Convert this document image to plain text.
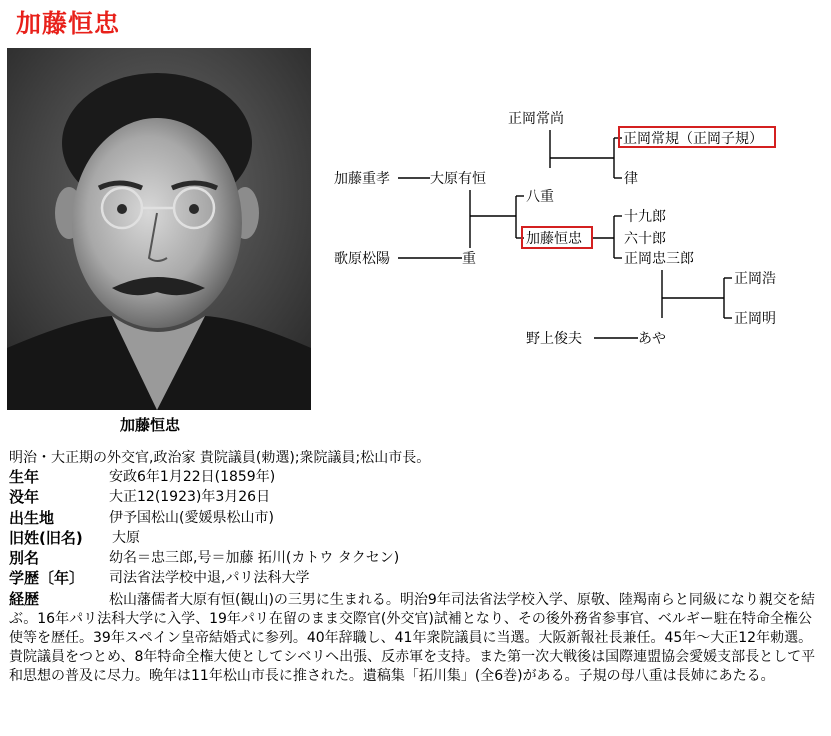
加藤恒忠
加藤恒忠
正岡常尚
正岡常規（正岡子規）
律
加藤重孝	大原有恒
八重
加藤恒忠
十九郎
六十郎
正岡忠三郎
歌原松陽	重
正岡浩
正岡明
野上俊夫	あや
明治・大正期の外交官,政治家 貴院議員(勅選);衆院議員;松山市長。
生年	安政6年1月22日(1859年)
没年	大正12(1923)年3月26日
出生地	伊予国松山(愛媛県松山市)
旧姓(旧名) 大原
別名	幼名＝忠三郎,号＝加藤 拓川(カトウ タクセン)
学歴〔年〕 司法省法学校中退,パリ法科大学
経歴	松山藩儒者大原有恒(観山)の三男に生まれる。明治9年司法省法学校入学、原敬、陸羯南らと同級になり親交を結ぶ。16年パリ法科大学に入学、19年パリ在留のまま交際官(外交官)試補となり、その後外務省参事官、ベルギー駐在特命全権公使等を歴任。39年スペイン皇帝結婚式に参列。40年辞職し、41年衆院議員に当選。大阪新報社長兼任。45年～大正12年勅選。貴院議員をつとめ、8年特命全権大使としてシベリヘ出張、反赤軍を支持。また第一次大戦後は国際連盟協会愛媛支部長として平和思想の普及に尽力。晩年は11年松山市長に推された。遺稿集「拓川集」(全6巻)がある。子規の母八重は長姉にあたる。
